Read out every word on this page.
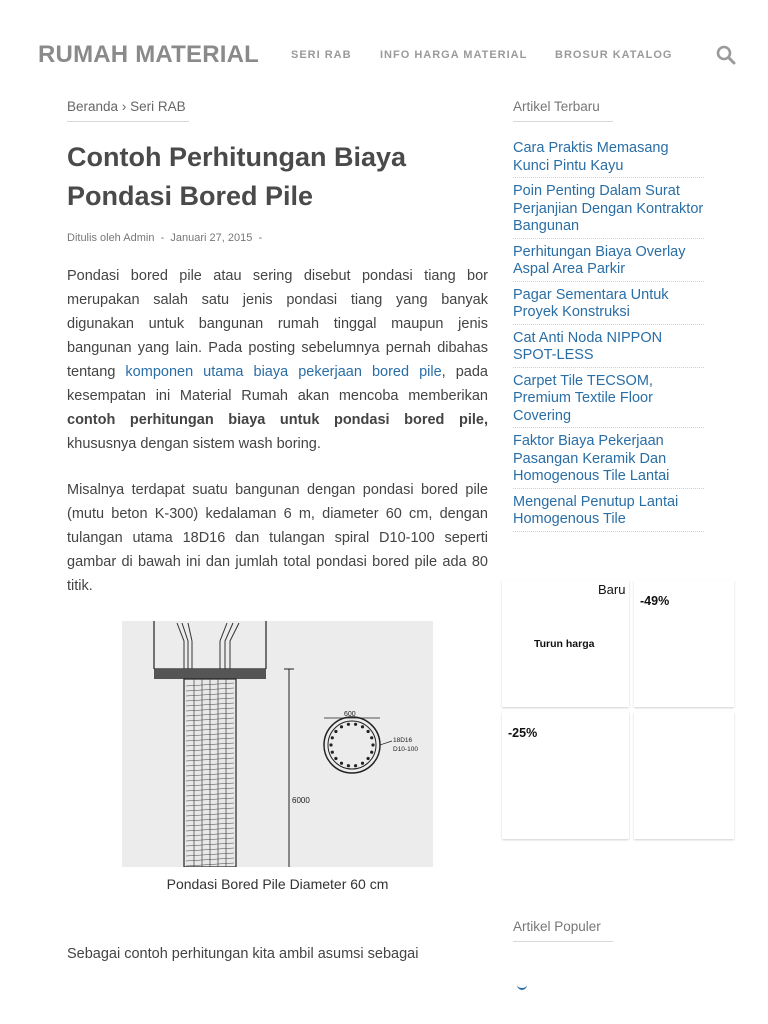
RUMAH MATERIAL	SERI RAB	INFO HARGA MATERIAL	BROSUR KATALOG
Beranda › Seri RAB
Contoh Perhitungan Biaya Pondasi Bored Pile
Ditulis oleh Admin - Januari 27, 2015 -

Pondasi bored pile atau sering disebut pondasi tiang bor merupakan salah satu jenis pondasi tiang yang banyak digunakan untuk bangunan rumah tinggal maupun jenis bangunan yang lain. Pada posting sebelumnya pernah dibahas tentang komponen utama biaya pekerjaan bored pile, pada kesempatan ini Material Rumah akan mencoba memberikan contoh perhitungan biaya untuk pondasi bored pile, khususnya dengan sistem wash boring.

Misalnya terdapat suatu bangunan dengan pondasi bored pile (mutu beton K-300) kedalaman 6 m, diameter 60 cm, dengan tulangan utama 18D16 dan tulangan spiral D10-100 seperti gambar di bawah ini dan jumlah total pondasi bored pile ada 80 titik.

6000
600
18D16
D10-100
Pondasi Bored Pile Diameter 60 cm

Sebagai contoh perhitungan kita ambil asumsi sebagai

Artikel Terbaru
Cara Praktis Memasang Kunci Pintu Kayu
Poin Penting Dalam Surat Perjanjian Dengan Kontraktor Bangunan
Perhitungan Biaya Overlay Aspal Area Parkir
Pagar Sementara Untuk Proyek Konstruksi
Cat Anti Noda NIPPON SPOT-LESS
Carpet Tile TECSOM, Premium Textile Floor Covering
Faktor Biaya Pekerjaan Pasangan Keramik Dan Homogenous Tile Lantai
Mengenal Penutup Lantai Homogenous Tile
Baru
Turun harga
-49%
-25%
Artikel Populer
